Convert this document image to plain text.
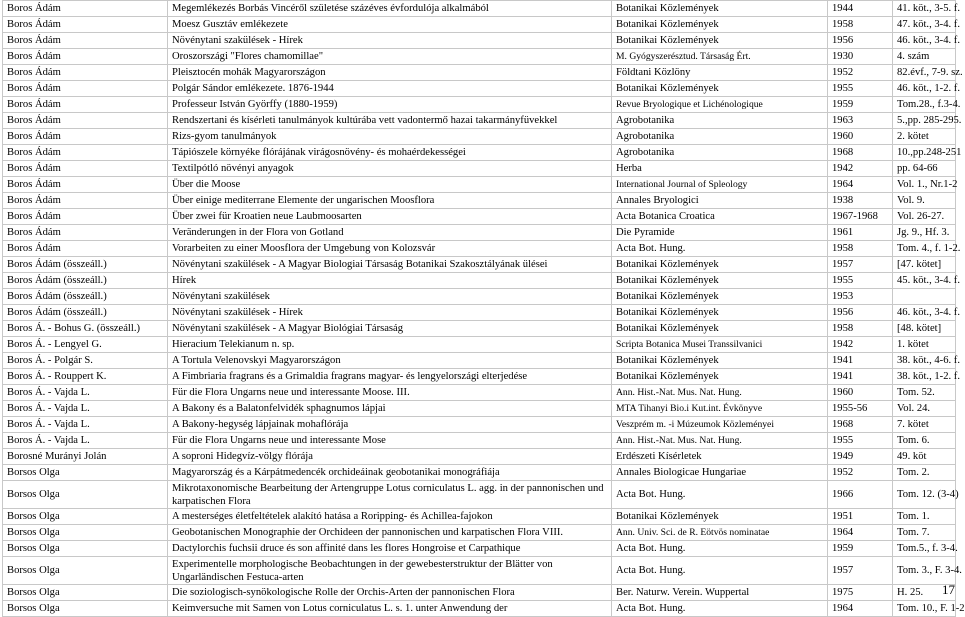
Boros Ádám	Megemlékezés Borbás Vincéről születése százéves évfordulója alkalmából	Botanikai Közlemények	1944	41. köt., 3-5. f.
Boros Ádám	Moesz Gusztáv emlékezete	Botanikai Közlemények	1958	47. köt., 3-4. f.
Boros Ádám	Növénytani szakülések - Hírek	Botanikai Közlemények	1956	46. köt., 3-4. f.
Boros Ádám	Oroszországi "Flores chamomillae"	M. Gyógyszerésztud. Társaság Ért.	1930	4. szám
Boros Ádám	Pleisztocén mohák Magyarországon	Földtani Közlöny	1952	82.évf., 7-9. sz.
Boros Ádám	Polgár Sándor emlékezete. 1876-1944	Botanikai Közlemények	1955	46. köt., 1-2. f.
Boros Ádám	Professeur István Györffy (1880-1959)	Revue Bryologique et Lichénologique	1959	Tom.28., f.3-4.
Boros Ádám	Rendszertani és kísérleti tanulmányok kultúrába vett vadontermő hazai takarmányfüvekkel	Agrobotanika	1963	5.,pp. 285-295.
Boros Ádám	Rizs-gyom tanulmányok	Agrobotanika	1960	2. kötet
Boros Ádám	Tápiószele környéke flórájának virágosnövény- és mohaérdekességei	Agrobotanika	1968	10.,pp.248-251
Boros Ádám	Textilpótló növényi anyagok	Herba	1942	pp. 64-66
Boros Ádám	Über die Moose	International Journal of Spleology	1964	Vol. 1., Nr.1-2
Boros Ádám	Über einige mediterrane Elemente der ungarischen Moosflora	Annales Bryologici	1938	Vol. 9.
Boros Ádám	Über zwei für Kroatien neue Laubmoosarten	Acta Botanica Croatica	1967-1968	Vol. 26-27.
Boros Ádám	Veränderungen in der Flora von Gotland	Die Pyramide	1961	Jg. 9., Hf. 3.
Boros Ádám	Vorarbeiten zu einer Moosflora der Umgebung von Kolozsvár	Acta Bot. Hung.	1958	Tom. 4., f. 1-2.
Boros Ádám (összeáll.)	Növénytani szakülések - A Magyar Biologiai Társaság Botanikai Szakosztályának ülései	Botanikai Közlemények	1957	[47. kötet]
Boros Ádám (összeáll.)	Hírek	Botanikai Közlemények	1955	45. köt., 3-4. f.
Boros Ádám (összeáll.)	Növénytani szakülések	Botanikai Közlemények	1953	
Boros Ádám (összeáll.)	Növénytani szakülések - Hírek	Botanikai Közlemények	1956	46. köt., 3-4. f.
Boros Á. - Bohus G. (összeáll.)	Növénytani szakülések - A Magyar Biológiai Társaság	Botanikai Közlemények	1958	[48. kötet]
Boros Á. - Lengyel G.	Hieracium Telekianum n. sp.	Scripta Botanica Musei Transsilvanici	1942	1. kötet
Boros Á. - Polgár S.	A Tortula Velenovskyi Magyarországon	Botanikai Közlemények	1941	38. köt., 4-6. f.
Boros Á. - Rouppert K.	A Fimbriaria fragrans és a Grimaldia fragrans magyar- és lengyelországi elterjedése	Botanikai Közlemények	1941	38. köt., 1-2. f.
Boros Á. - Vajda L.	Für die Flora Ungarns neue und interessante Moose. III.	Ann. Hist.-Nat. Mus. Nat. Hung.	1960	Tom. 52.
Boros Á. - Vajda L.	A Bakony és a Balatonfelvidék sphagnumos lápjai	MTA Tihanyi Bio.i Kut.int. Évkönyve	1955-56	Vol. 24.
Boros Á. - Vajda L.	A Bakony-hegység lápjainak mohaflórája	Veszprém m. -i Múzeumok Közleményei	1968	7. kötet
Boros Á. - Vajda L.	Für die Flora Ungarns neue und interessante Mose	Ann. Hist.-Nat. Mus. Nat. Hung.	1955	Tom. 6.
Borosné Murányi Jolán	A soproni Hidegvíz-völgy flórája	Erdészeti Kísérletek	1949	49. köt
Borsos Olga	Magyarország és a Kárpátmedencék orchideáinak geobotanikai monográfiája	Annales Biologicae Hungariae	1952	Tom. 2.
Borsos Olga	Mikrotaxonomische Bearbeitung der Artengruppe Lotus corniculatus L. agg. in der pannonischen und karpatischen Flora	Acta Bot. Hung.	1966	Tom. 12. (3-4)
Borsos Olga	A mesterséges életfeltételek alakító hatása a Roripping- és Achillea-fajokon	Botanikai Közlemények	1951	Tom. 1.
Borsos Olga	Geobotanischen Monographie der Orchideen der pannonischen und karpatischen Flora VIII.	Ann. Univ. Sci. de R. Eötvös nominatae	1964	Tom. 7.
Borsos Olga	Dactylorchis fuchsii druce és son affinité dans les flores Hongroise et Carpathique	Acta Bot. Hung.	1959	Tom.5., f. 3-4.
Borsos Olga	Experimentelle morphologische Beobachtungen in der gewebesterstruktur der Blätter von Ungarländischen Festuca-arten	Acta Bot. Hung.	1957	Tom. 3., F. 3-4.
Borsos Olga	Die soziologisch-synökologische Rolle der Orchis-Arten der pannonischen Flora	Ber. Naturw. Verein. Wuppertal	1975	H. 25.
Borsos Olga	Keimversuche mit Samen von Lotus corniculatus L. s. 1. unter Anwendung der	Acta Bot. Hung.	1964	Tom. 10., F. 1-2
17
